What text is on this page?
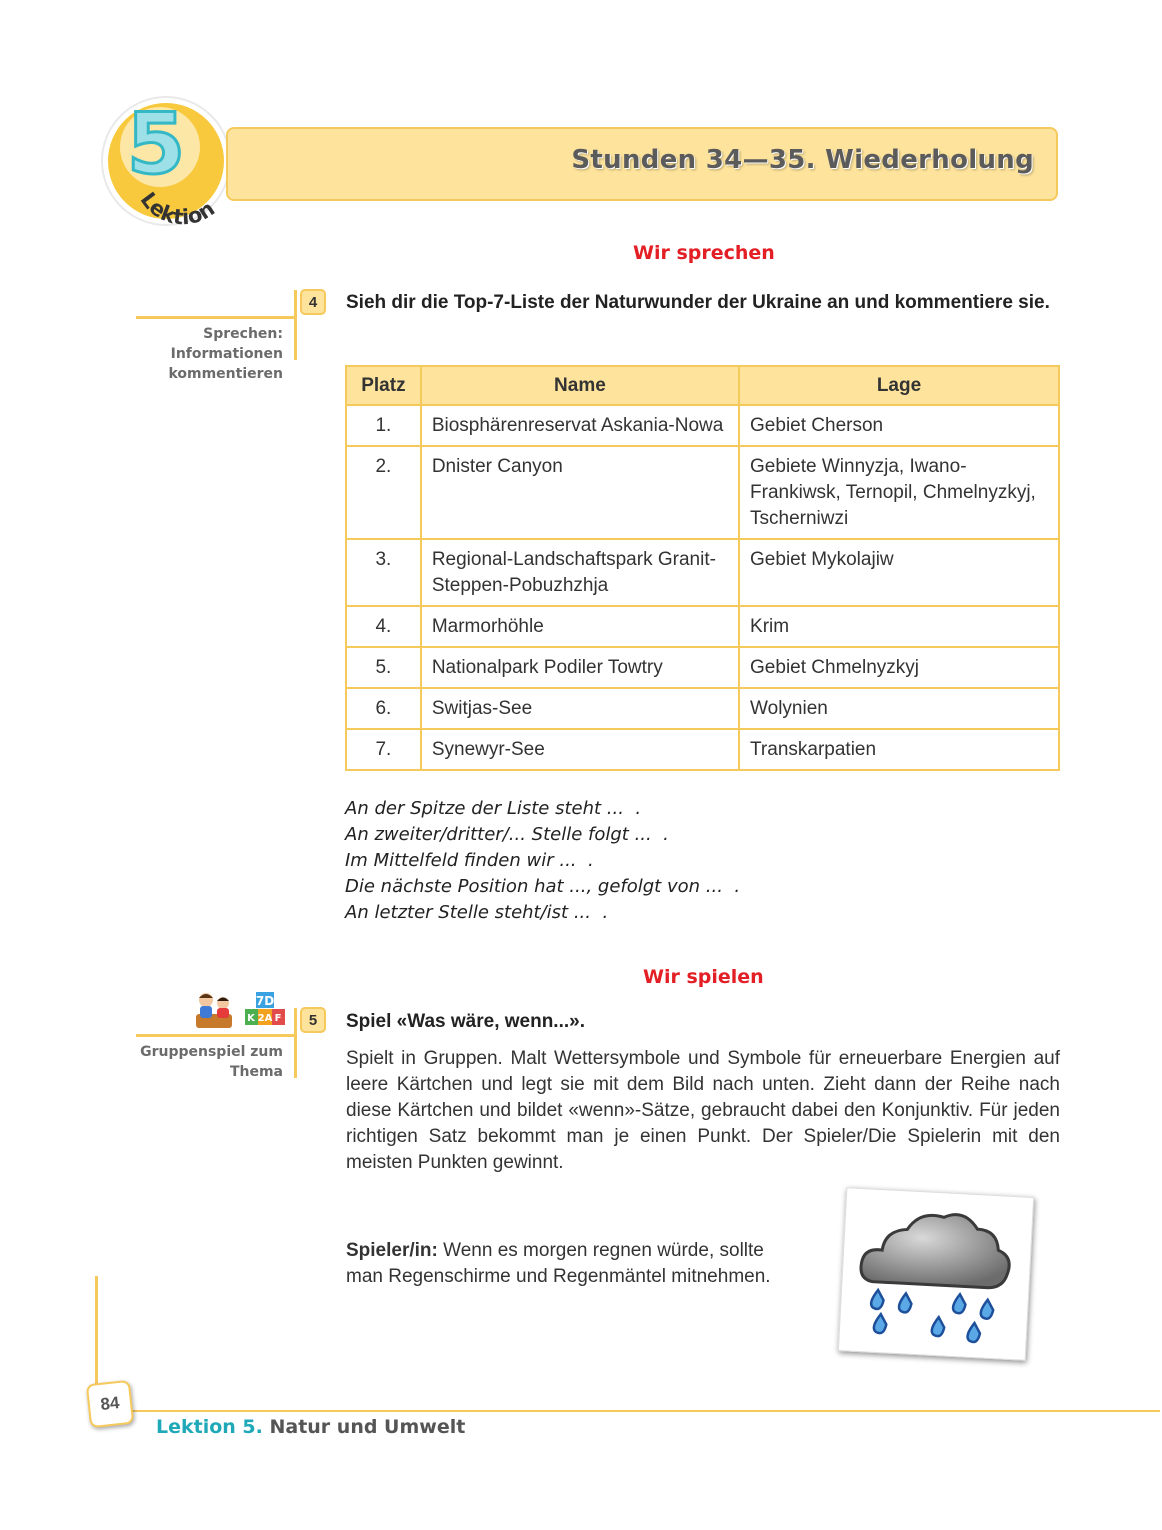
5
Lektion
Stunden 34—35. Wiederholung
Wir sprechen
4
Sprechen:
Informationen
kommentieren
Sieh dir die Top-7-Liste der Naturwunder der Ukraine an und kommentiere sie.
Platz	Name	Lage
1.	Biosphärenreservat Askania-Nowa	Gebiet Cherson
2.	Dnister Canyon	Gebiete Winnyzja, Iwano-Frankiwsk, Ternopil, Chmelnyzkyj, Tscherniwzi
3.	Regional-Landschaftspark Granit-Steppen-Pobuzhzhja	Gebiet Mykolajiw
4.	Marmorhöhle	Krim
5.	Nationalpark Podiler Towtry	Gebiet Chmelnyzkyj
6.	Switjas-See	Wolynien
7.	Synewyr-See	Transkarpatien
An der Spitze der Liste steht ...  .
An zweiter/dritter/... Stelle folgt ...  .
Im Mittelfeld finden wir ...  .
Die nächste Position hat ..., gefolgt von ...  .
An letzter Stelle steht/ist ...  .
Wir spielen
7D
K 2A F	5
Gruppenspiel zum
Thema
Spiel «Was wäre, wenn...».
Spielt in Gruppen. Malt Wettersymbole und Symbole für erneuerbare Energien auf leere Kärtchen und legt sie mit dem Bild nach unten. Zieht dann der Reihe nach diese Kärtchen und bildet «wenn»-Sätze, gebraucht dabei den Konjunktiv. Für jeden richtigen Satz bekommt man je einen Punkt. Der Spieler/Die Spielerin mit den meisten Punkten gewinnt.
Spieler/in: Wenn es morgen regnen würde, sollte man Regenschirme und Regenmäntel mitnehmen.
84
Lektion 5. Natur und Umwelt
